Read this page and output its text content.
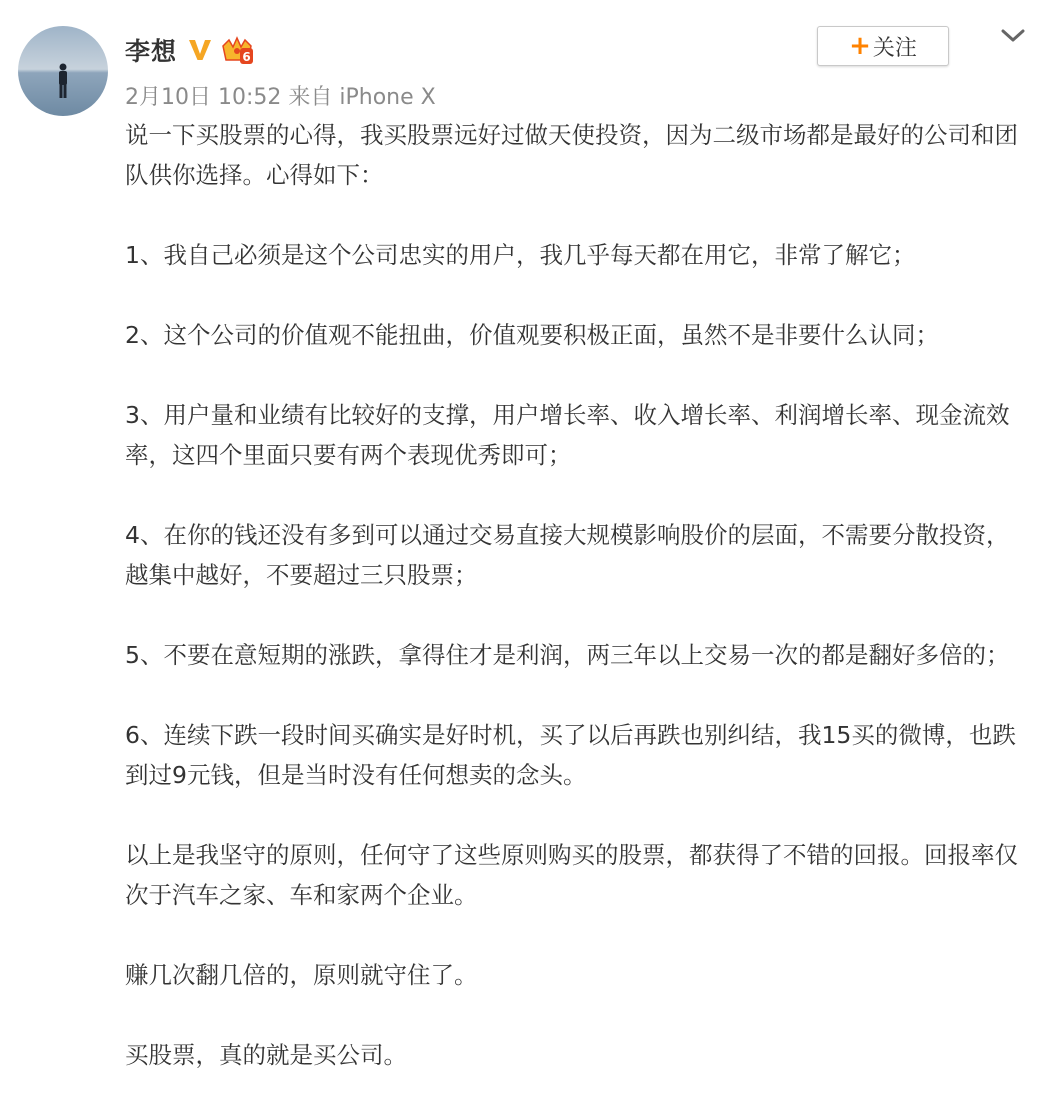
李想	6
2月10日 10:52 来自 iPhone X
+ 关注

说一下买股票的心得，我买股票远好过做天使投资，因为二级市场都是最好的公司和团队供你选择。心得如下：

1、我自己必须是这个公司忠实的用户，我几乎每天都在用它，非常了解它；

2、这个公司的价值观不能扭曲，价值观要积极正面，虽然不是非要什么认同；

3、用户量和业绩有比较好的支撑，用户增长率、收入增长率、利润增长率、现金流效率，这四个里面只要有两个表现优秀即可；

4、在你的钱还没有多到可以通过交易直接大规模影响股价的层面，不需要分散投资，越集中越好，不要超过三只股票；

5、不要在意短期的涨跌，拿得住才是利润，两三年以上交易一次的都是翻好多倍的；

6、连续下跌一段时间买确实是好时机，买了以后再跌也别纠结，我15买的微博，也跌到过9元钱，但是当时没有任何想卖的念头。

以上是我坚守的原则，任何守了这些原则购买的股票，都获得了不错的回报。回报率仅次于汽车之家、车和家两个企业。

赚几次翻几倍的，原则就守住了。

买股票，真的就是买公司。
